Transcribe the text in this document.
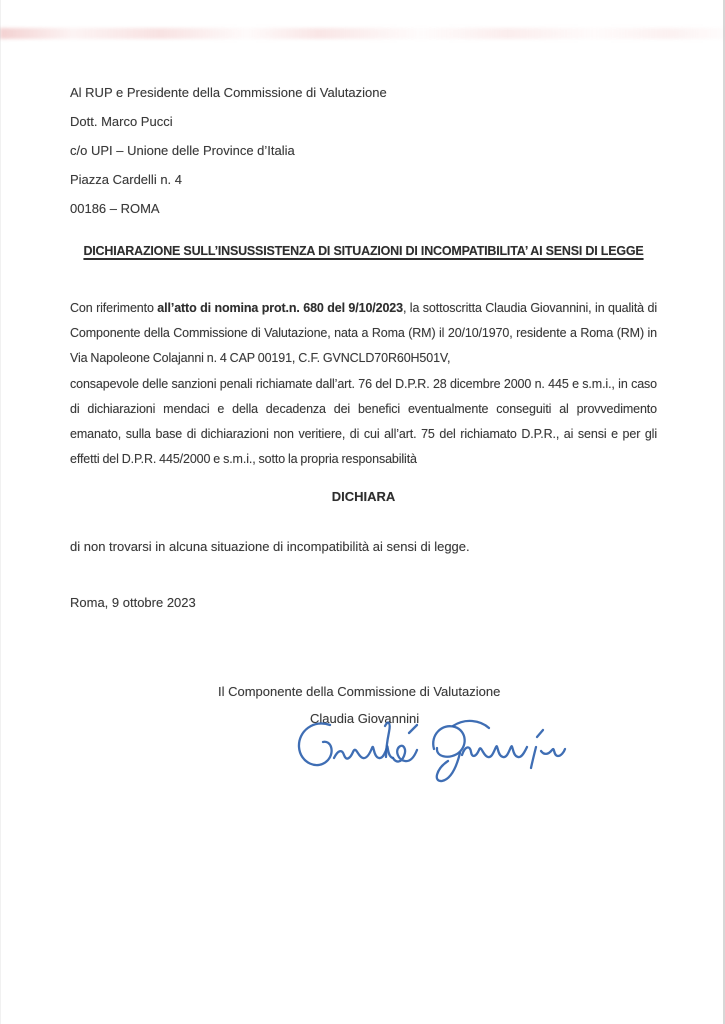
Al RUP e Presidente della Commissione di Valutazione
Dott. Marco Pucci
c/o UPI – Unione delle Province d’Italia
Piazza Cardelli n. 4
00186 – ROMA
DICHIARAZIONE SULL’INSUSSISTENZA DI SITUAZIONI DI INCOMPATIBILITA’ AI SENSI DI LEGGE

Con riferimento all’atto di nomina prot.n. 680 del 9/10/2023, la sottoscritta Claudia Giovannini, in qualità di Componente della Commissione di Valutazione, nata a Roma (RM) il 20/10/1970, residente a Roma (RM) in Via Napoleone Colajanni n. 4 CAP 00191, C.F. GVNCLD70R60H501V,

consapevole delle sanzioni penali richiamate dall’art. 76 del D.P.R. 28 dicembre 2000 n. 445 e s.m.i., in caso di dichiarazioni mendaci e della decadenza dei benefici eventualmente conseguiti al provvedimento emanato, sulla base di dichiarazioni non veritiere, di cui all’art. 75 del richiamato D.P.R., ai sensi e per gli effetti del D.P.R. 445/2000 e s.m.i., sotto la propria responsabilità

DICHIARA
di non trovarsi in alcuna situazione di incompatibilità ai sensi di legge.
Roma, 9 ottobre 2023
Il Componente della Commissione di Valutazione
Claudia Giovannini
